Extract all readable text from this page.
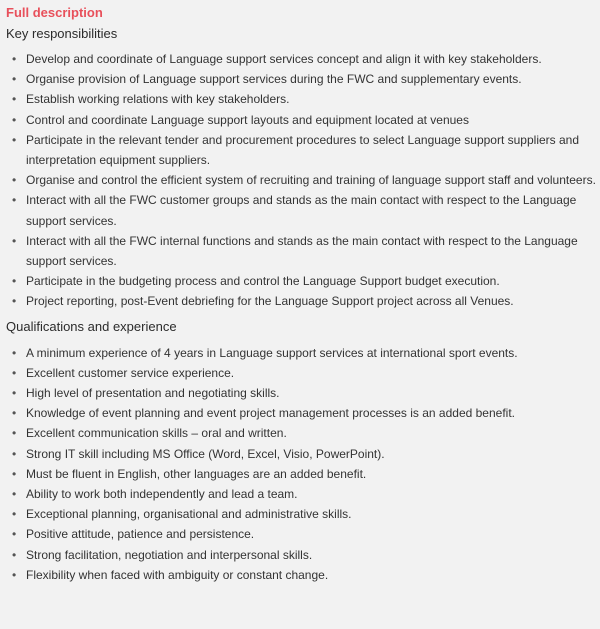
Full description
Key responsibilities
• Develop and coordinate of Language support services concept and align it with key stakeholders.
• Organise provision of Language support services during the FWC and supplementary events.
• Establish working relations with key stakeholders.
• Control and coordinate Language support layouts and equipment located at venues
• Participate in the relevant tender and procurement procedures to select Language support suppliers and interpretation equipment suppliers.
• Organise and control the efficient system of recruiting and training of language support staff and volunteers.
• Interact with all the FWC customer groups and stands as the main contact with respect to the Language support services.
• Interact with all the FWC internal functions and stands as the main contact with respect to the Language support services.
• Participate in the budgeting process and control the Language Support budget execution.
• Project reporting, post-Event debriefing for the Language Support project across all Venues.
Qualifications and experience
• A minimum experience of 4 years in Language support services at international sport events.
• Excellent customer service experience.
• High level of presentation and negotiating skills.
• Knowledge of event planning and event project management processes is an added benefit.
• Excellent communication skills – oral and written.
• Strong IT skill including MS Office (Word, Excel, Visio, PowerPoint).
• Must be fluent in English, other languages are an added benefit.
• Ability to work both independently and lead a team.
• Exceptional planning, organisational and administrative skills.
• Positive attitude, patience and persistence.
• Strong facilitation, negotiation and interpersonal skills.
• Flexibility when faced with ambiguity or constant change.
